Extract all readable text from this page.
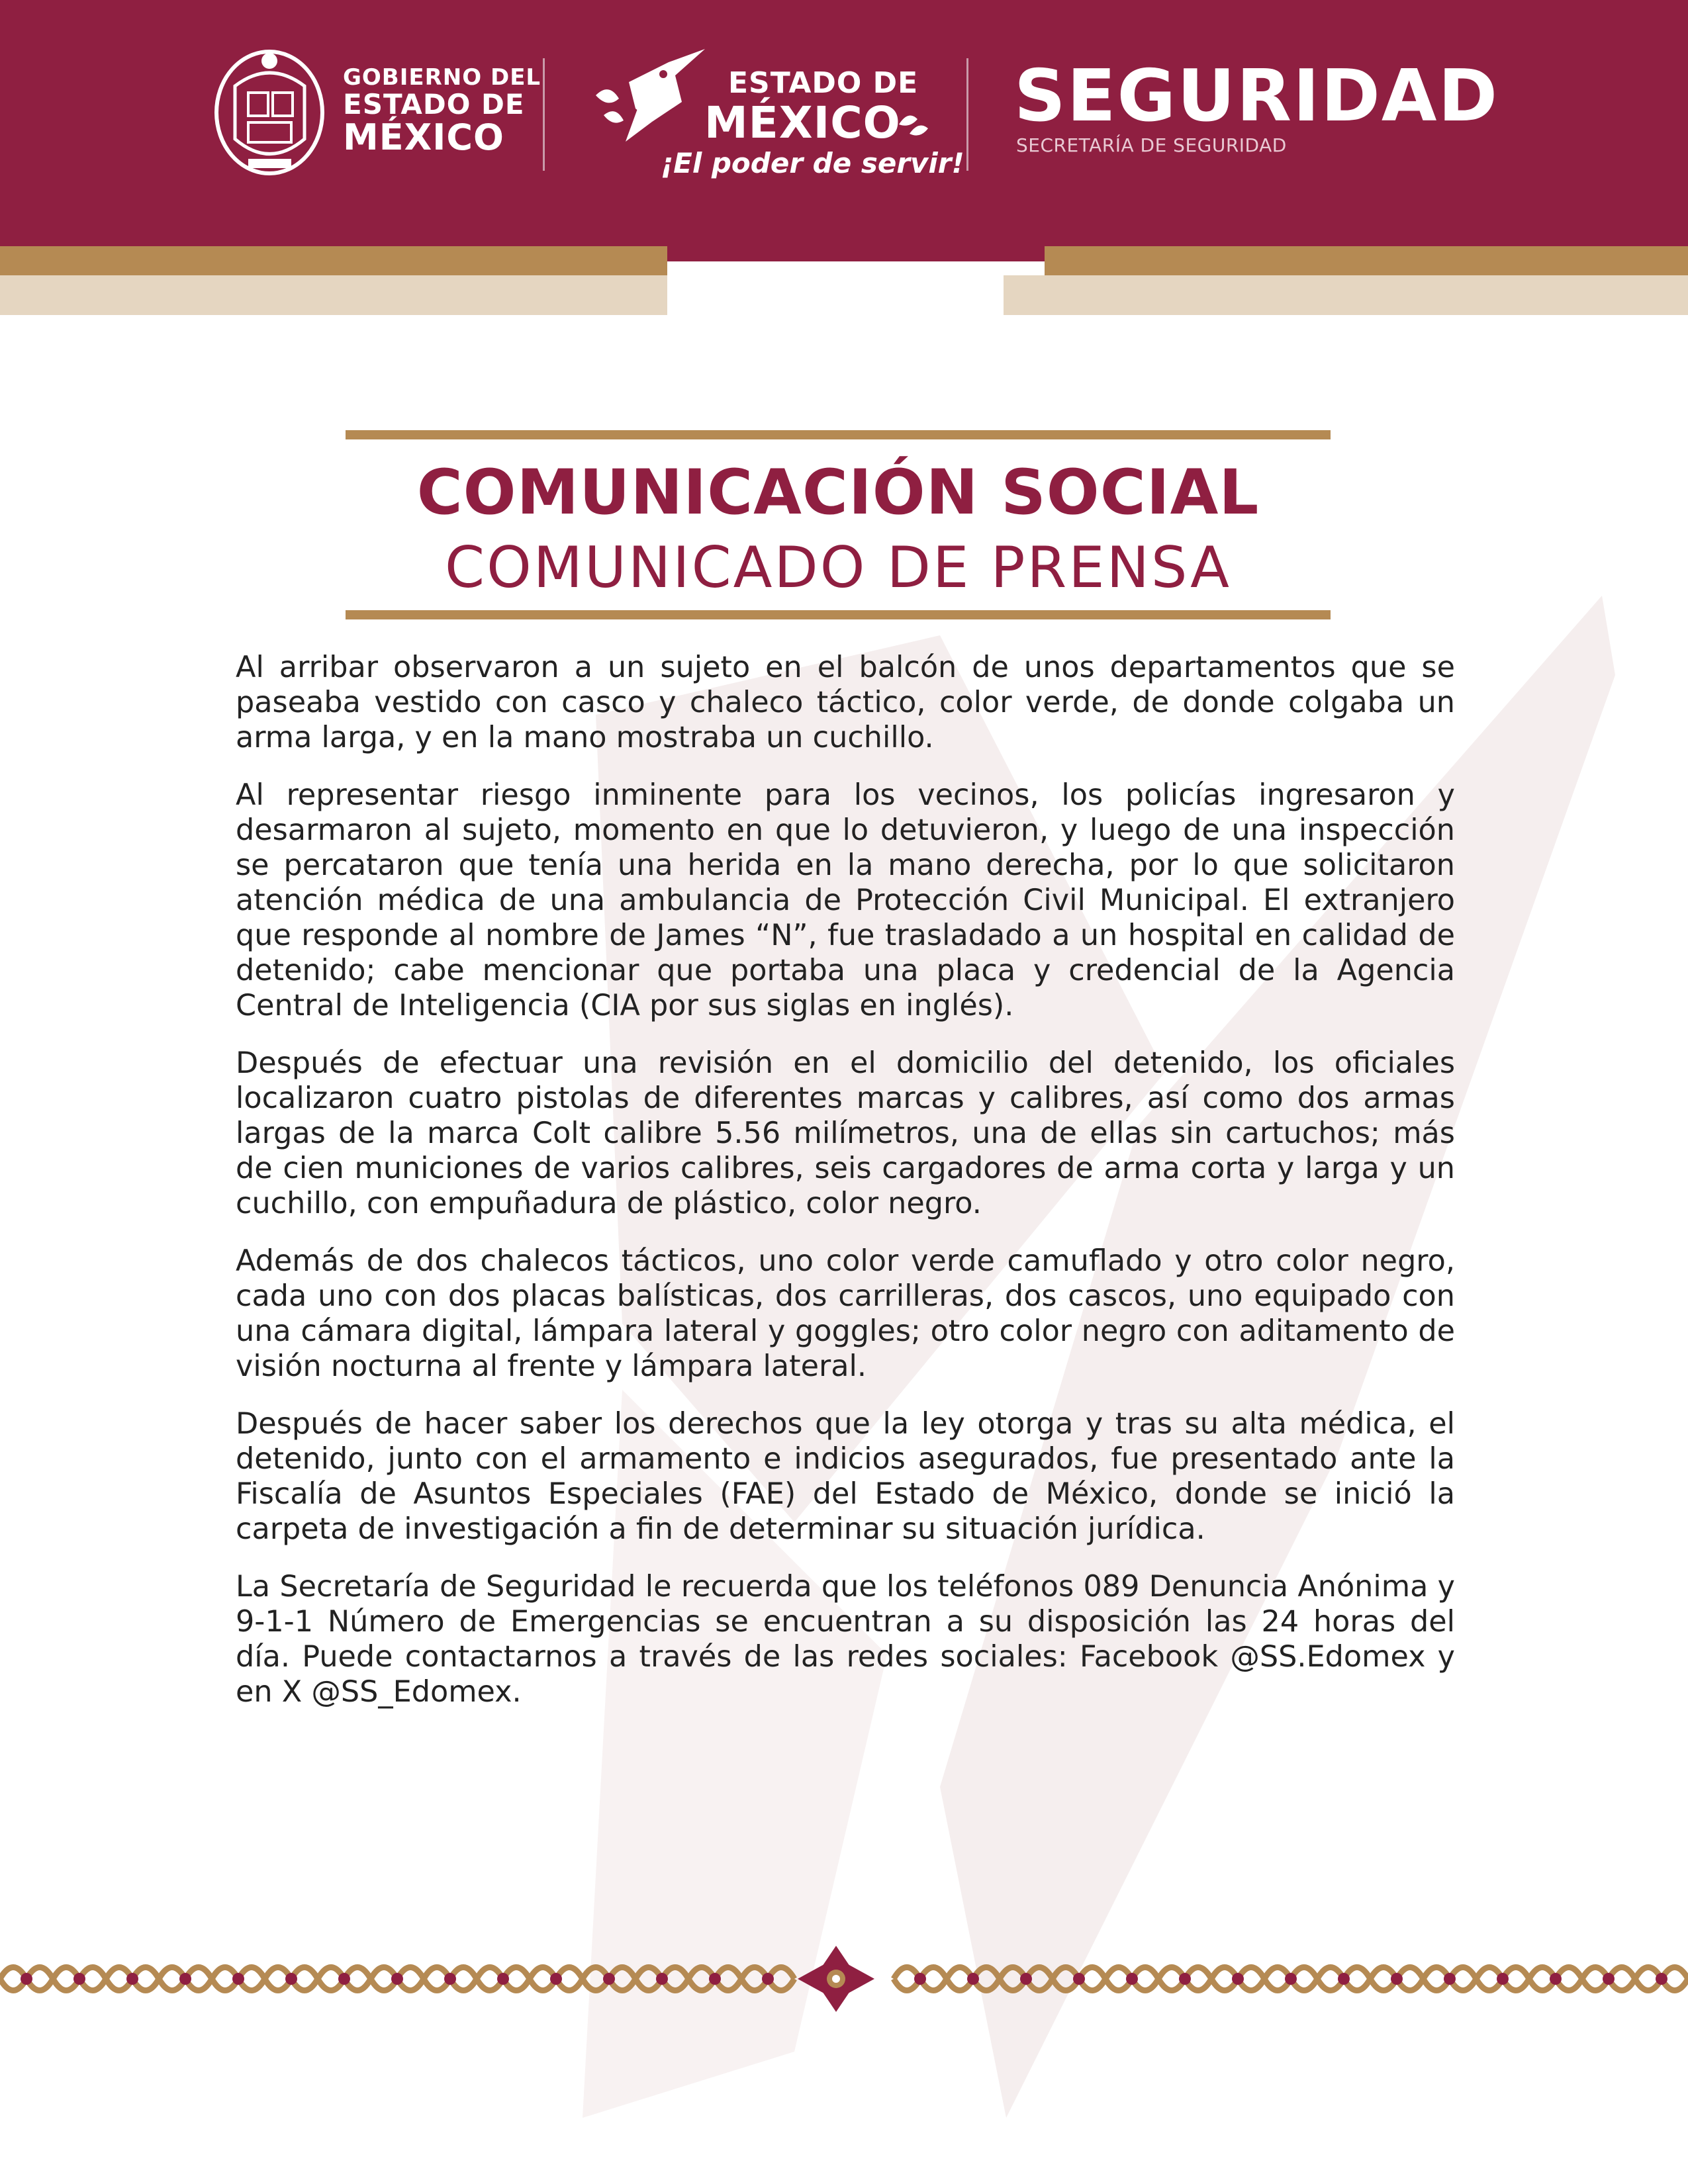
GOBIERNO DEL
ESTADO DE
MÉXICO
ESTADO DE
MÉXICO
¡El poder de servir!
SEGURIDAD
SECRETARÍA DE SEGURIDAD
COMUNICACIÓN SOCIAL
COMUNICADO DE PRENSA

Al arribar observaron a un sujeto en el balcón de unos departamentos que se paseaba vestido con casco y chaleco táctico, color verde, de donde colgaba un arma larga, y en la mano mostraba un cuchillo.

Al representar riesgo inminente para los vecinos, los policías ingresaron y desarmaron al sujeto, momento en que lo detuvieron, y luego de una inspección se percataron que tenía una herida en la mano derecha, por lo que solicitaron atención médica de una ambulancia de Protección Civil Municipal. El extranjero que responde al nombre de James “N”, fue trasladado a un hospital en calidad de detenido; cabe mencionar que portaba una placa y credencial de la Agencia Central de Inteligencia (CIA por sus siglas en inglés).

Después de efectuar una revisión en el domicilio del detenido, los oficiales localizaron cuatro pistolas de diferentes marcas y calibres, así como dos armas largas de la marca Colt calibre 5.56 milímetros, una de ellas sin cartuchos; más de cien municiones de varios calibres, seis cargadores de arma corta y larga y un cuchillo, con empuñadura de plástico, color negro.

Además de dos chalecos tácticos, uno color verde camuflado y otro color negro, cada uno con dos placas balísticas, dos carrilleras, dos cascos, uno equipado con una cámara digital, lámpara lateral y goggles; otro color negro con aditamento de visión nocturna al frente y lámpara lateral.

Después de hacer saber los derechos que la ley otorga y tras su alta médica, el detenido, junto con el armamento e indicios asegurados, fue presentado ante la Fiscalía de Asuntos Especiales (FAE) del Estado de México, donde se inició la carpeta de investigación a fin de determinar su situación jurídica.

La Secretaría de Seguridad le recuerda que los teléfonos 089 Denuncia Anónima y 9-1-1 Número de Emergencias se encuentran a su disposición las 24 horas del día. Puede contactarnos a través de las redes sociales: Facebook @SS.Edomex y en X @SS_Edomex.
